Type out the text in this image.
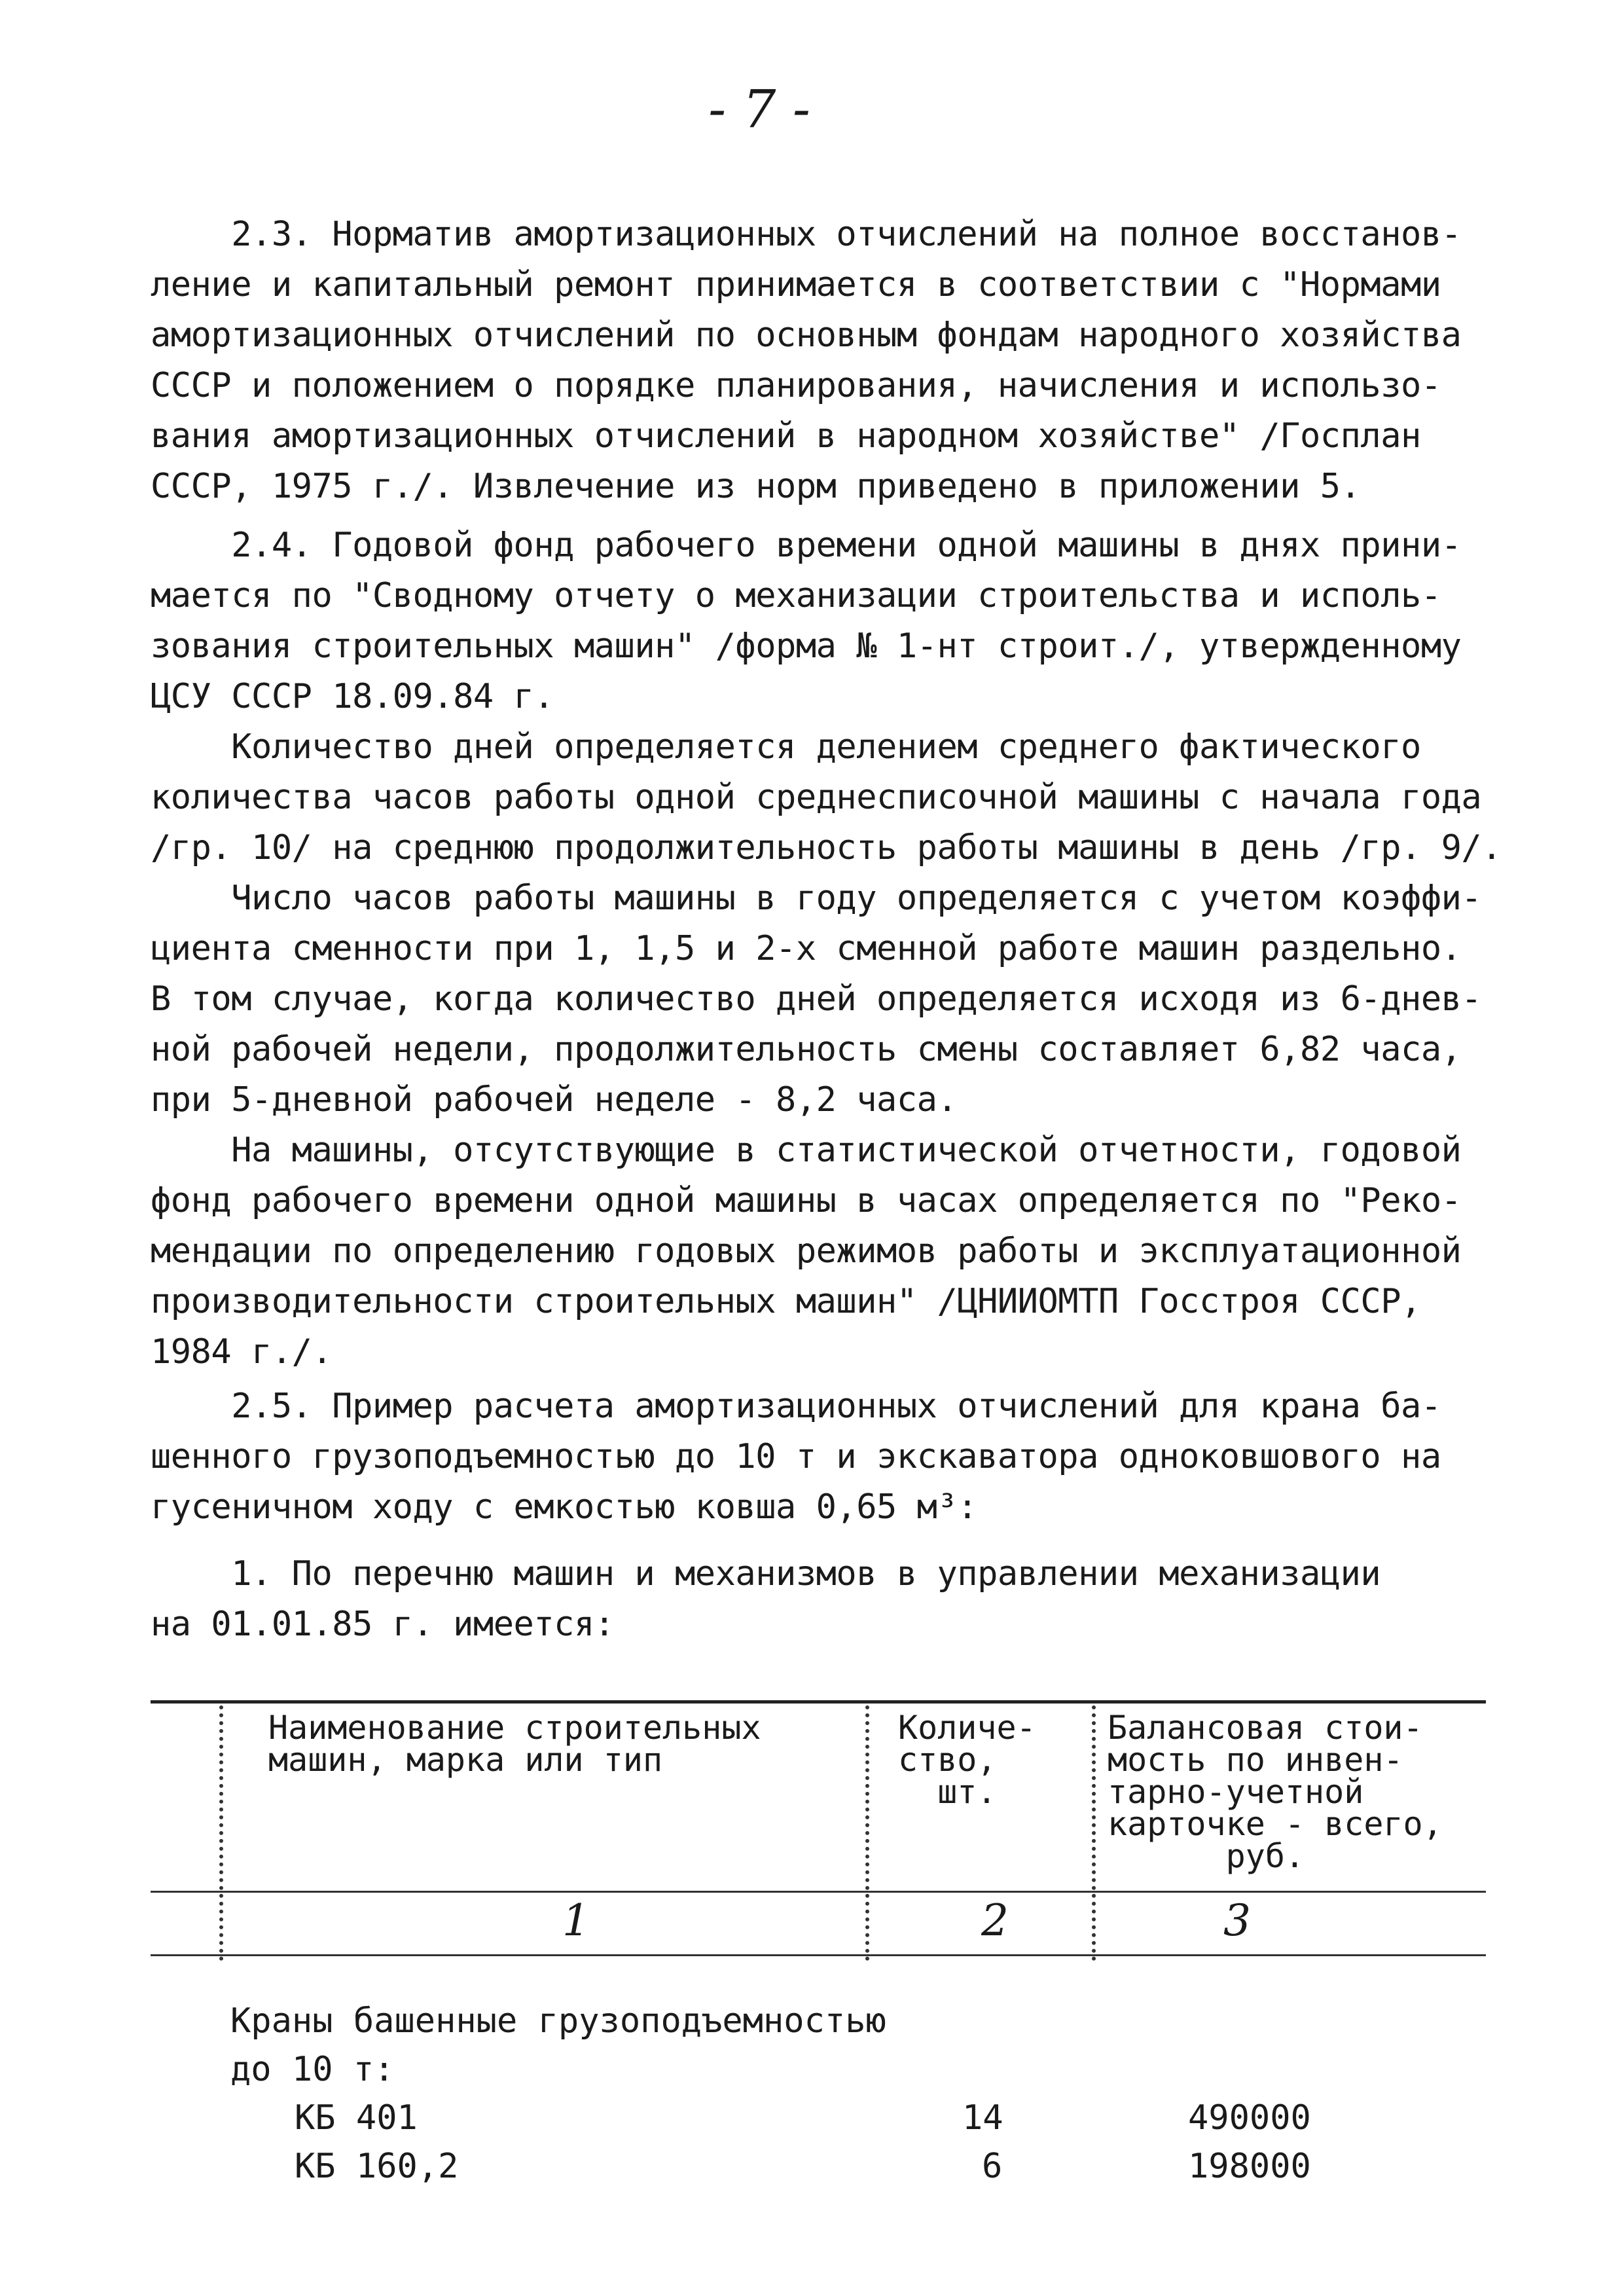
- 7 -

2.3. Норматив амортизационных отчислений на полное восстанов-
ление и капитальный ремонт принимается в соответствии с "Нормами
амортизационных отчислений по основным фондам народного хозяйства
СССР и положением о порядке планирования, начисления и использо-
вания амортизационных отчислений в народном хозяйстве" /Госплан
СССР, 1975 г./. Извлечение из норм приведено в приложении 5.

2.4. Годовой фонд рабочего времени одной машины в днях прини-
мается по "Сводному отчету о механизации строительства и исполь-
зования строительных машин" /форма № 1-нт строит./, утвержденному
ЦСУ СССР 18.09.84 г.

Количество дней определяется делением среднего фактического
количества часов работы одной среднесписочной машины с начала года
/гр. 10/ на среднюю продолжительность работы машины в день /гр. 9/.

Число часов работы машины в году определяется с учетом коэффи-
циента сменности при 1, 1,5 и 2-х сменной работе машин раздельно.
В том случае, когда количество дней определяется исходя из 6-днев-
ной рабочей недели, продолжительность смены составляет 6,82 часа,
при 5-дневной рабочей неделе - 8,2 часа.

На машины, отсутствующие в статистической отчетности, годовой
фонд рабочего времени одной машины в часах определяется по "Реко-
мендации по определению годовых режимов работы и эксплуатационной
производительности строительных машин" /ЦНИИОМТП Госстроя СССР,
1984 г./.

2.5. Пример расчета амортизационных отчислений для крана ба-
шенного грузоподъемностью до 10 т и экскаватора одноковшового на
гусеничном ходу с емкостью ковша 0,65 м³:

1. По перечню машин и механизмов в управлении механизации
на 01.01.85 г. имеется:

Наименование строительных
машин, марка или тип

Количе-
ство,
шт.

Балансовая стои-
мость по инвен-
тарно-учетной
карточке - всего,
руб.

1	2	3

Краны башенные грузоподъемностью
до 10 т:

КБ 401	14	490000
КБ 160,2	6	198000
